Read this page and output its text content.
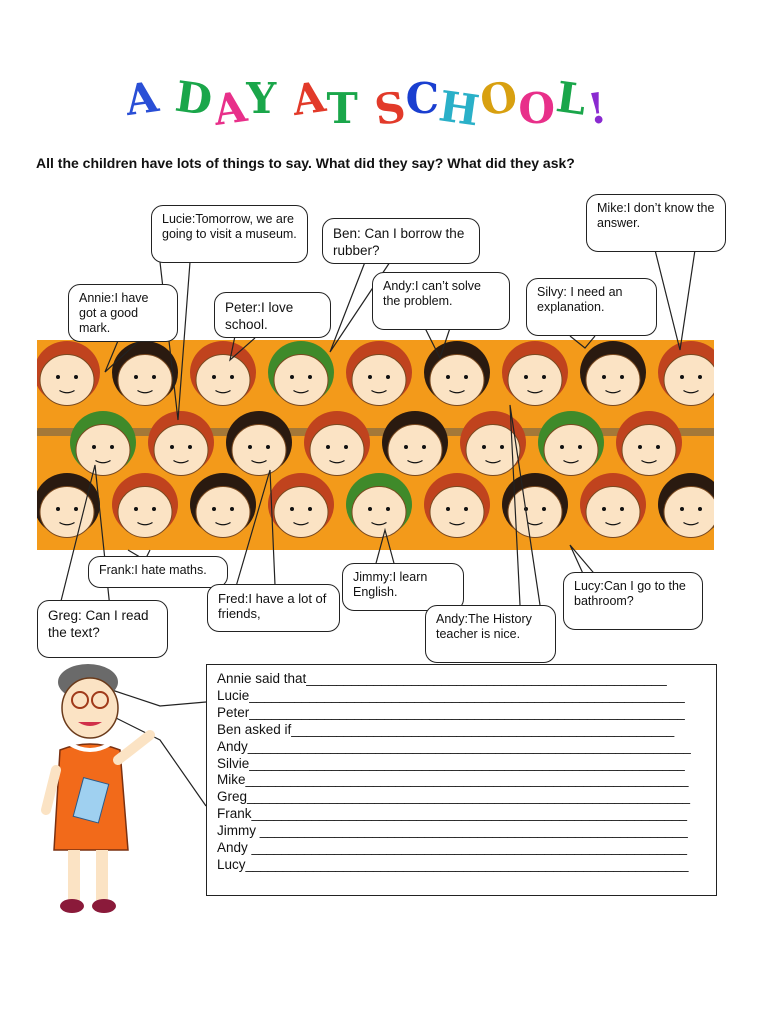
A DAY AT SCHOOL!
All the children have lots of things to say. What did they say? What did they ask?
Lucie:Tomorrow, we are going to visit a museum.
Mike:I don’t know the answer.
Ben: Can I borrow the rubber?
Annie:I have got a good mark.
Peter:I love school.
Andy:I can’t solve the problem.
Silvy: I need an explanation.
Frank:I hate maths.	Jimmy:I learn English.	Lucy:Can I go to the bathroom?
Greg: Can I read the text?
Fred:I have a lot of friends,	Andy:The History teacher is nice.
Annie said that________________________________________________
Lucie__________________________________________________________
Peter__________________________________________________________
Ben asked if___________________________________________________
Andy___________________________________________________________
Silvie__________________________________________________________
Mike___________________________________________________________
Greg___________________________________________________________
Frank__________________________________________________________
Jimmy _________________________________________________________
Andy __________________________________________________________
Lucy___________________________________________________________
